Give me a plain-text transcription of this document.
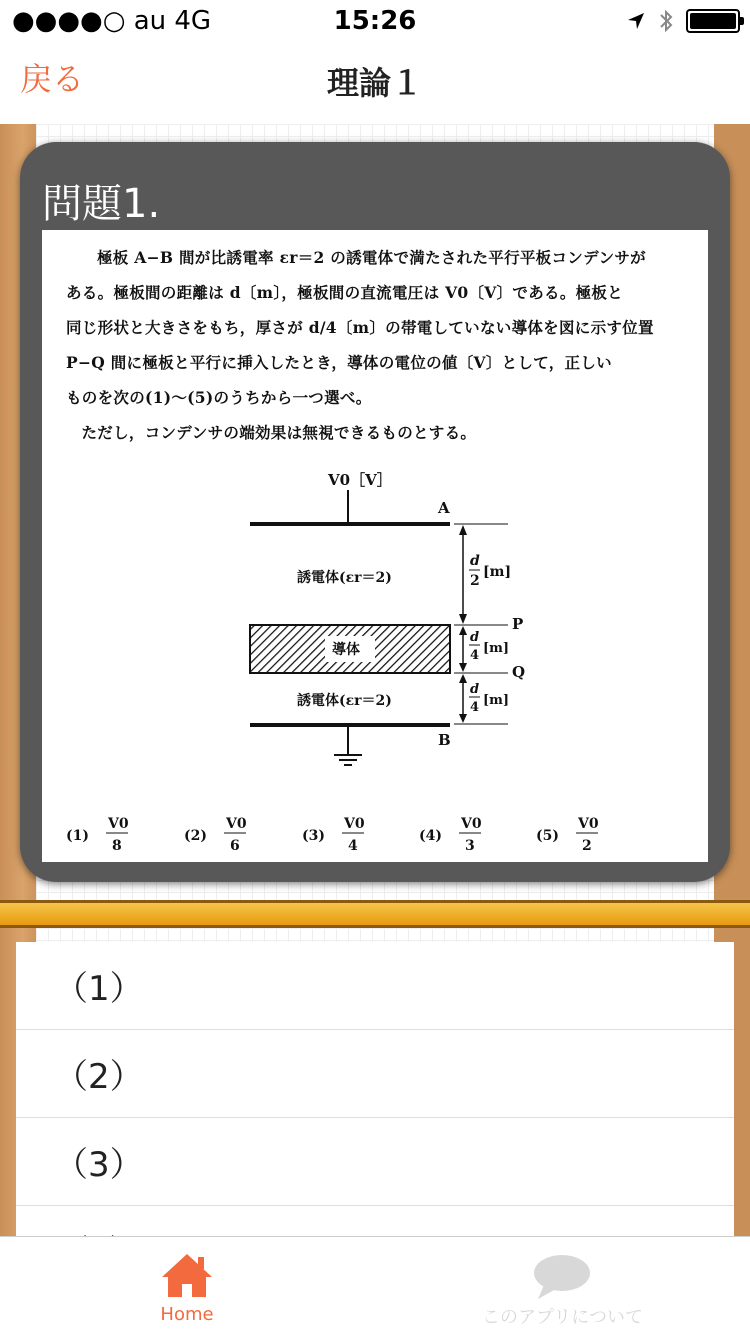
●●●●○ au 4G	15:26
戻る	理論１
問題1.

極板 A−B 間が比誘電率 εr＝2 の誘電体で満たされた平行平板コンデンサが

ある。極板間の距離は d〔m〕，極板間の直流電圧は V0〔V〕である。極板と

同じ形状と大きさをもち，厚さが d/4〔m〕の帯電していない導体を図に示す位置

P−Q 間に極板と平行に挿入したとき，導体の電位の値〔V〕として，正しい

ものを次の(1)〜(5)のうちから一つ選べ。

ただし，コンデンサの端効果は無視できるものとする。

V0［V］
A
誘電体(εr＝2)
導体
誘電体(εr＝2)
B
P
Q
d
2
[m]
d
4 [m]
d
4 [m]
(1)
V0
8
(2)
V0
6
(3)
V0
4
(4)
V0
3
(5)
V0
2
（1）
（2）
（3）
Home	このアプリについて
